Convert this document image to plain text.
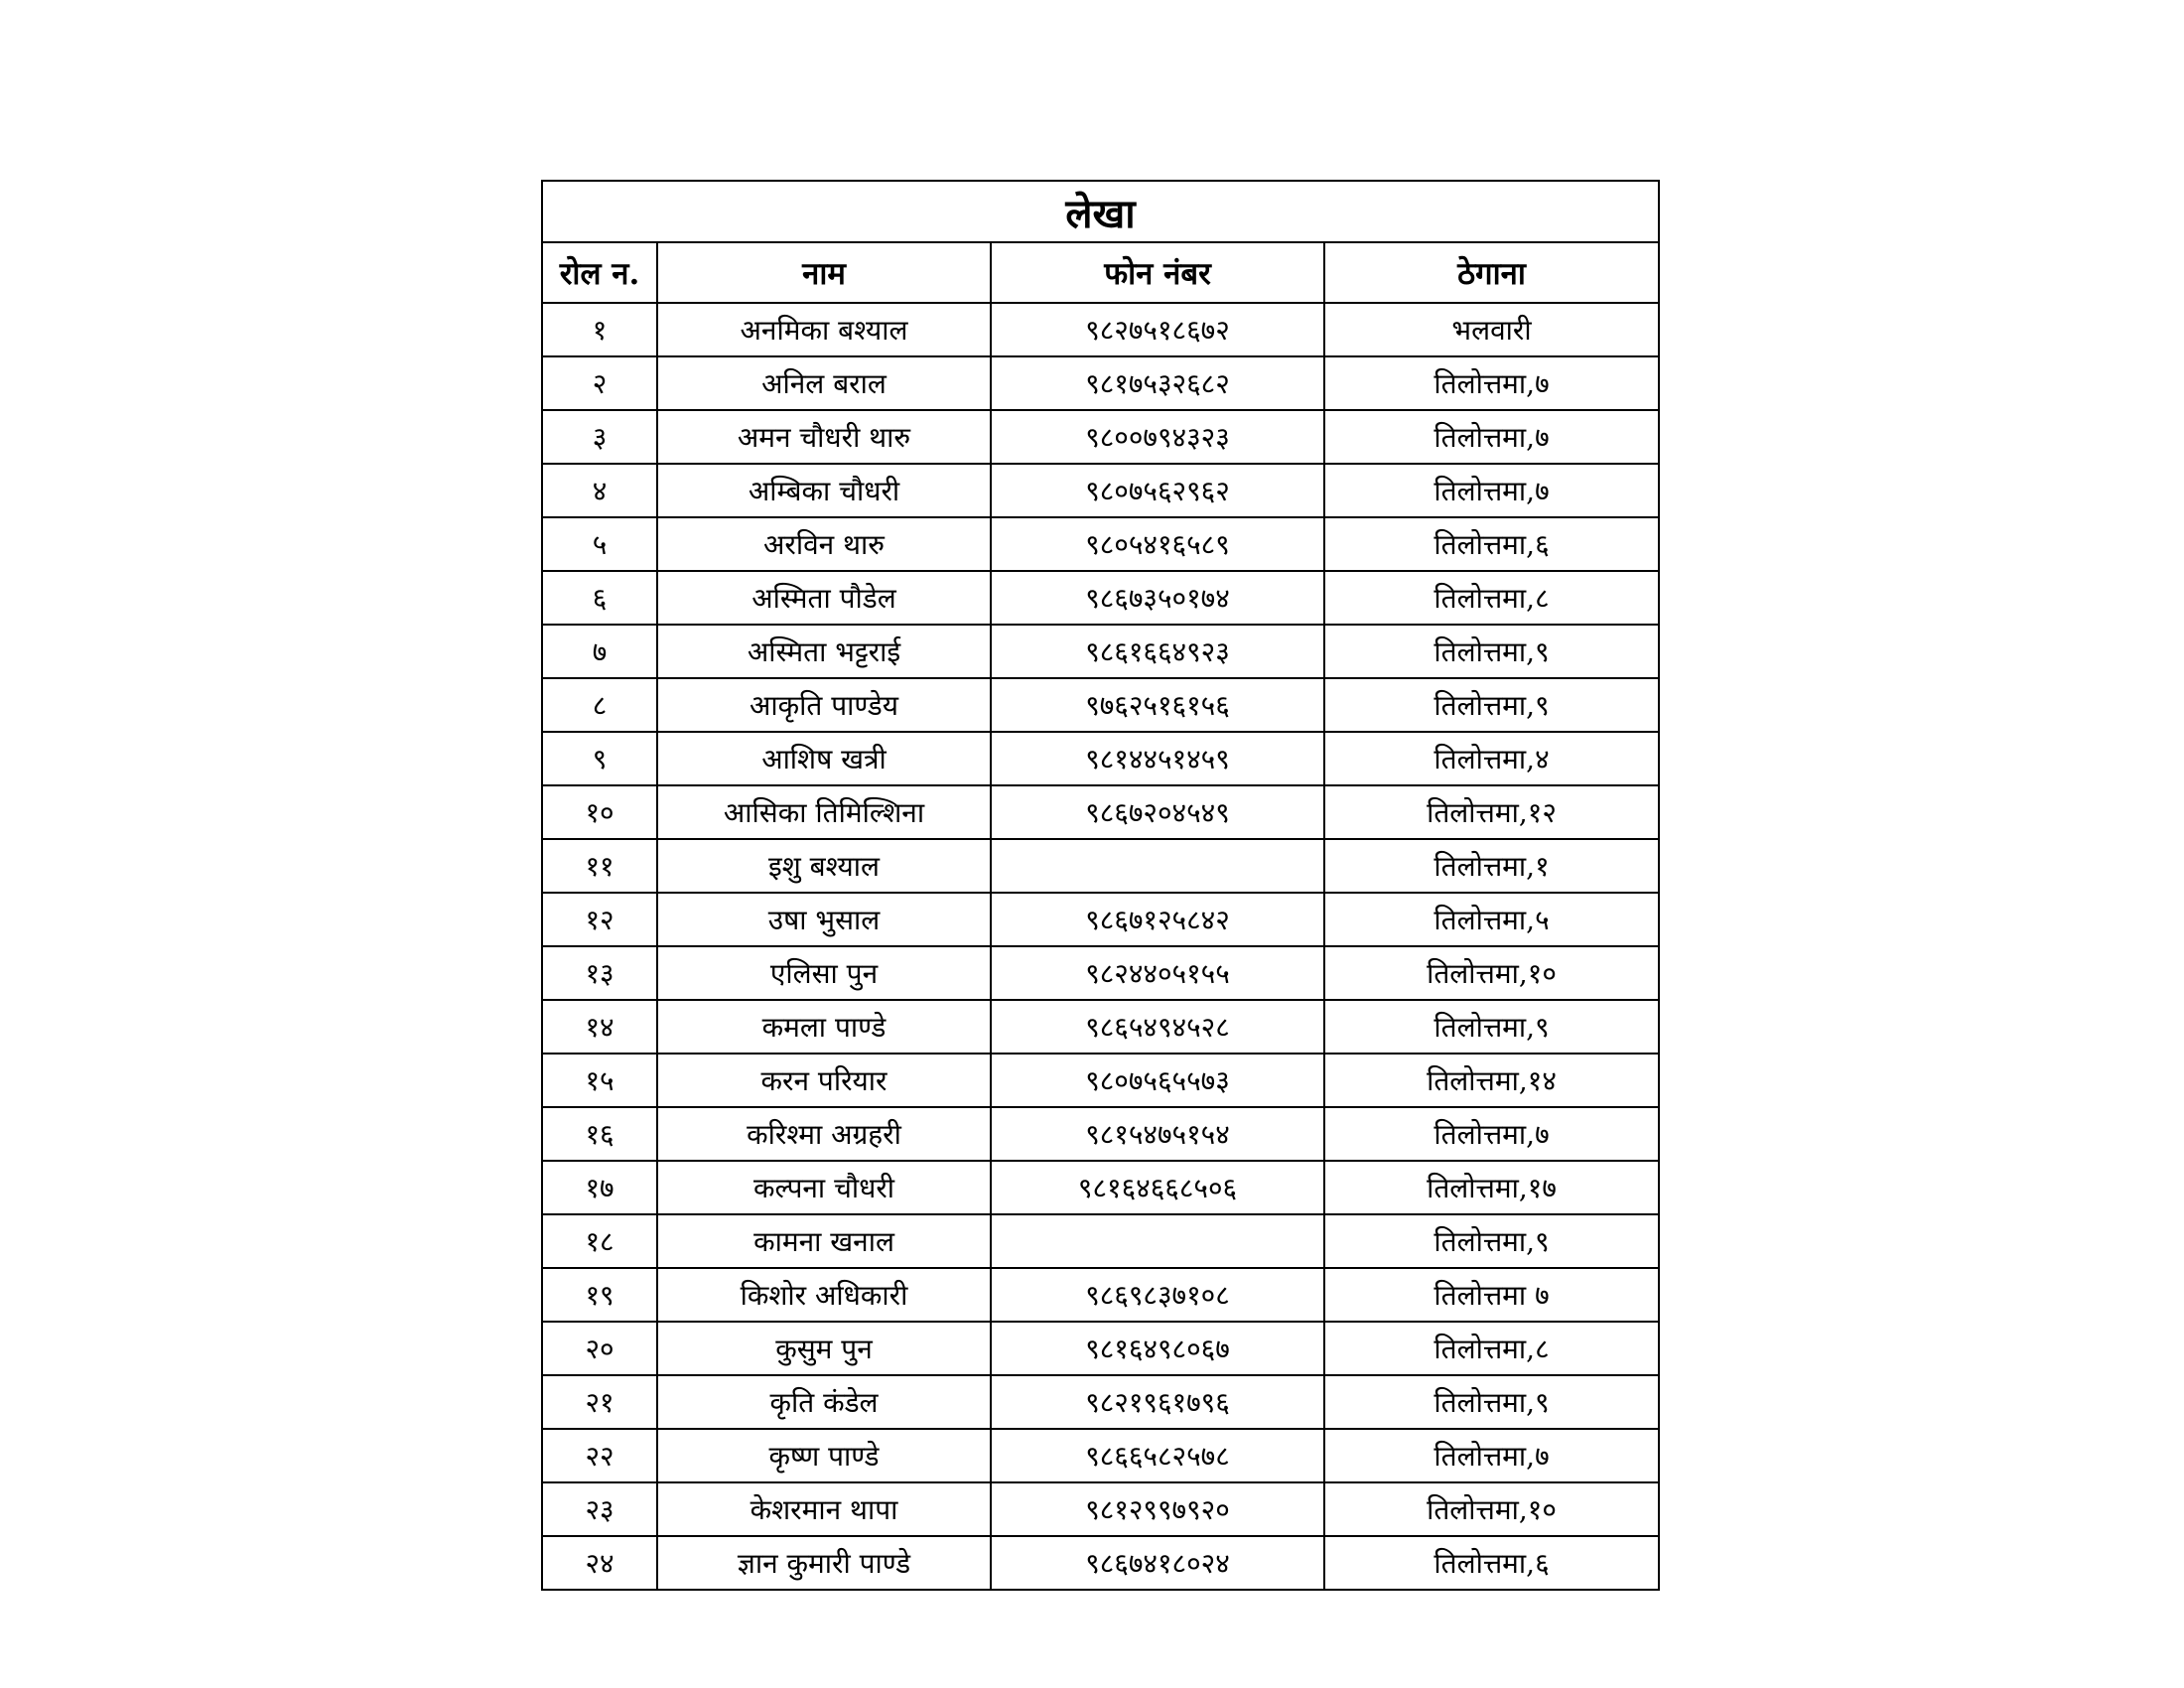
लेखा			
रोल न.	नाम	फोन नंबर	ठेगाना
१	अनमिका बश्याल	९८२७५१८६७२	भलवारी
२	अनिल बराल	९८१७५३२६८२	तिलोत्तमा,७
३	अमन चौधरी थारु	९८००७९४३२३	तिलोत्तमा,७
४	अम्बिका चौधरी	९८०७५६२९६२	तिलोत्तमा,७
५	अरविन थारु	९८०५४१६५८९	तिलोत्तमा,६
६	अस्मिता पौडेल	९८६७३५०१७४	तिलोत्तमा,८
७	अस्मिता भट्टराई	९८६१६६४९२३	तिलोत्तमा,९
८	आकृति पाण्डेय	९७६२५१६१५६	तिलोत्तमा,९
९	आशिष खत्री	९८१४४५१४५९	तिलोत्तमा,४
१०	आसिका तिमिल्शिना	९८६७२०४५४९	तिलोत्तमा,१२
११	इशु बश्याल		तिलोत्तमा,१
१२	उषा भुसाल	९८६७१२५८४२	तिलोत्तमा,५
१३	एलिसा पुन	९८२४४०५१५५	तिलोत्तमा,१०
१४	कमला पाण्डे	९८६५४९४५२८	तिलोत्तमा,९
१५	करन परियार	९८०७५६५५७३	तिलोत्तमा,१४
१६	करिश्मा अग्रहरी	९८१५४७५१५४	तिलोत्तमा,७
१७	कल्पना चौधरी	९८१६४६६८५०६	तिलोत्तमा,१७
१८	कामना खनाल		तिलोत्तमा,९
१९	किशोर अधिकारी	९८६९८३७१०८	तिलोत्तमा ७
२०	कुसुम पुन	९८१६४९८०६७	तिलोत्तमा,८
२१	कृति कंडेल	९८२१९६१७९६	तिलोत्तमा,९
२२	कृष्ण पाण्डे	९८६६५८२५७८	तिलोत्तमा,७
२३	केशरमान थापा	९८१२९९७९२०	तिलोत्तमा,१०
२४	ज्ञान कुमारी पाण्डे	९८६७४१८०२४	तिलोत्तमा,६
